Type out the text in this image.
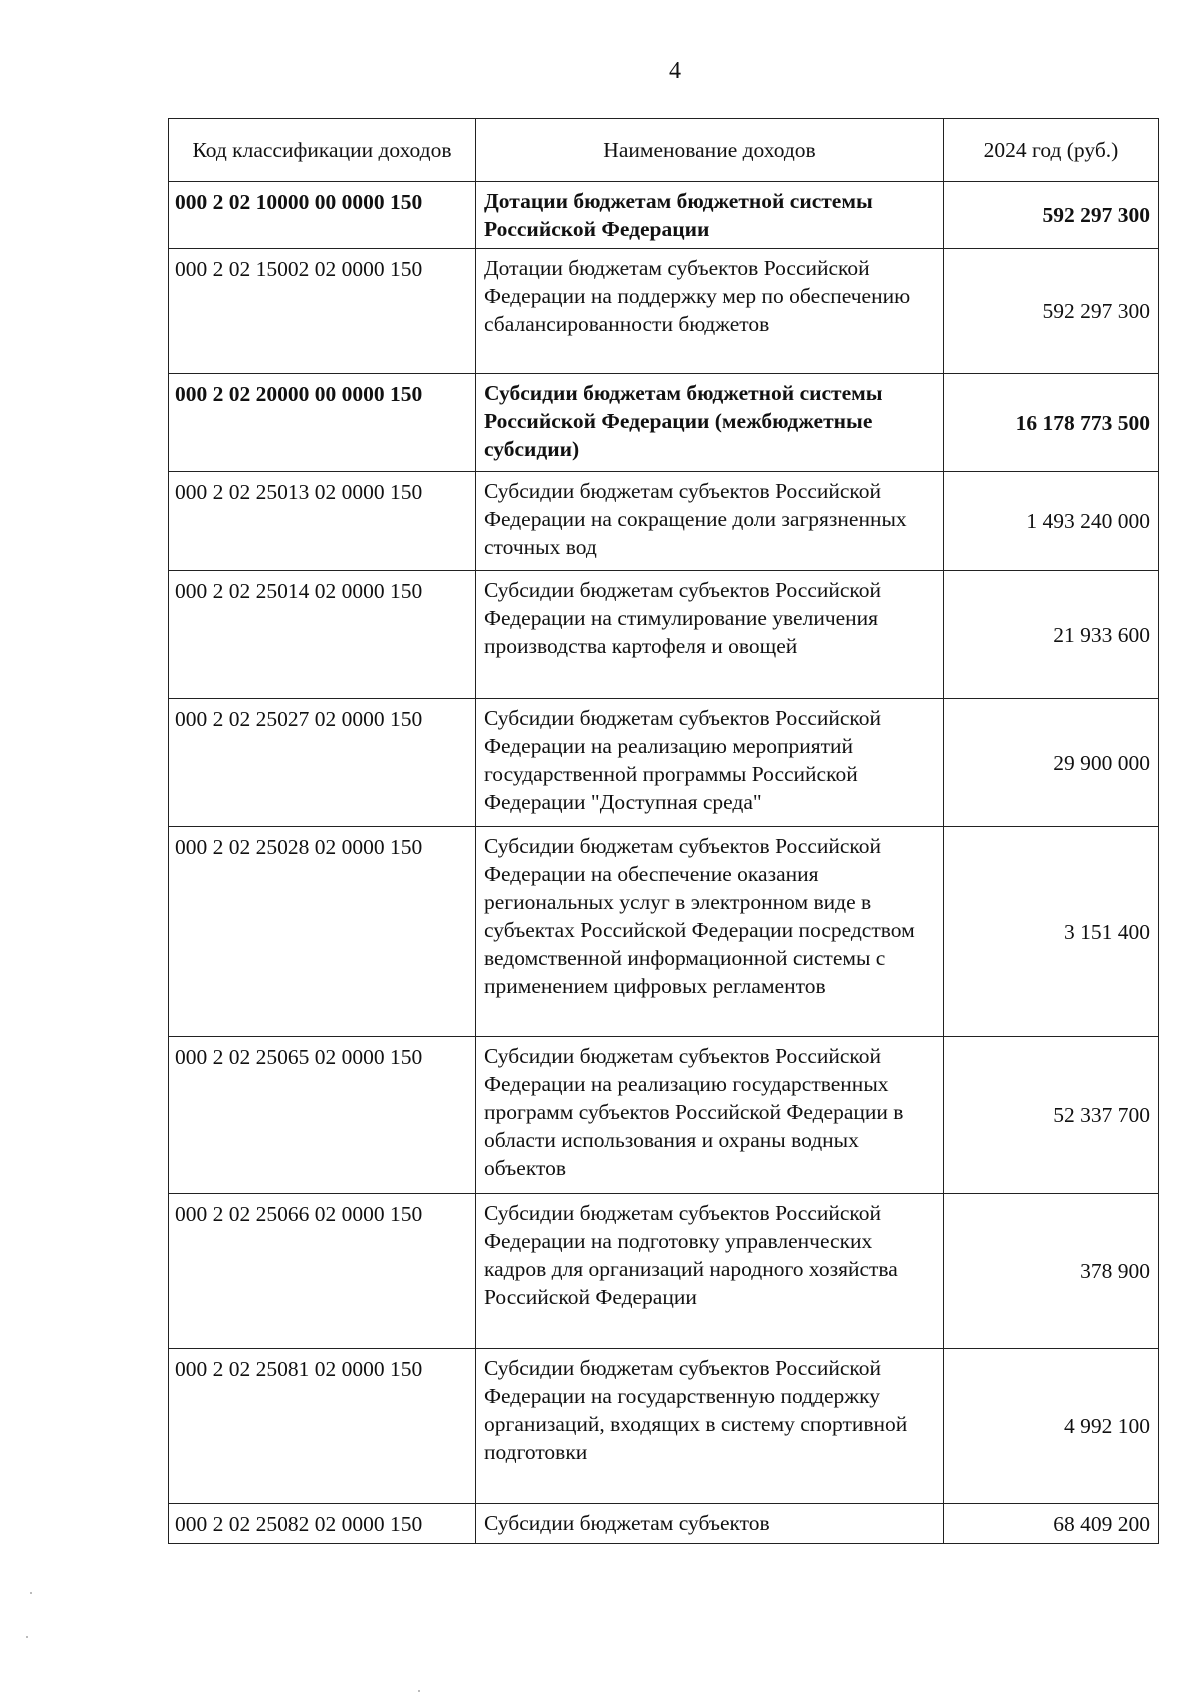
4
Код классификации доходов	Наименование доходов	2024 год (руб.)
000 2 02 10000 00 0000 150	Дотации бюджетам бюджетной системы Российской Федерации	592 297 300
000 2 02 15002 02 0000 150	Дотации бюджетам субъектов Российской Федерации на поддержку мер по обеспечению сбалансированности бюджетов	592 297 300
000 2 02 20000 00 0000 150	Субсидии бюджетам бюджетной системы Российской Федерации (межбюджетные субсидии)	16 178 773 500
000 2 02 25013 02 0000 150	Субсидии бюджетам субъектов Российской Федерации на сокращение доли загрязненных сточных вод	1 493 240 000
000 2 02 25014 02 0000 150	Субсидии бюджетам субъектов Российской Федерации на стимулирование увеличения производства картофеля и овощей	21 933 600
000 2 02 25027 02 0000 150	Субсидии бюджетам субъектов Российской Федерации на реализацию мероприятий государственной программы Российской Федерации "Доступная среда"	29 900 000
000 2 02 25028 02 0000 150	Субсидии бюджетам субъектов Российской Федерации на обеспечение оказания региональных услуг в электронном виде в субъектах Российской Федерации посредством ведомственной информационной системы с применением цифровых регламентов	3 151 400
000 2 02 25065 02 0000 150	Субсидии бюджетам субъектов Российской Федерации на реализацию государственных программ субъектов Российской Федерации в области использования и охраны водных объектов	52 337 700
000 2 02 25066 02 0000 150	Субсидии бюджетам субъектов Российской Федерации на подготовку управленческих кадров для организаций народного хозяйства Российской Федерации	378 900
000 2 02 25081 02 0000 150	Субсидии бюджетам субъектов Российской Федерации на государственную поддержку организаций, входящих в систему спортивной подготовки	4 992 100
000 2 02 25082 02 0000 150	Субсидии бюджетам субъектов	68 409 200
